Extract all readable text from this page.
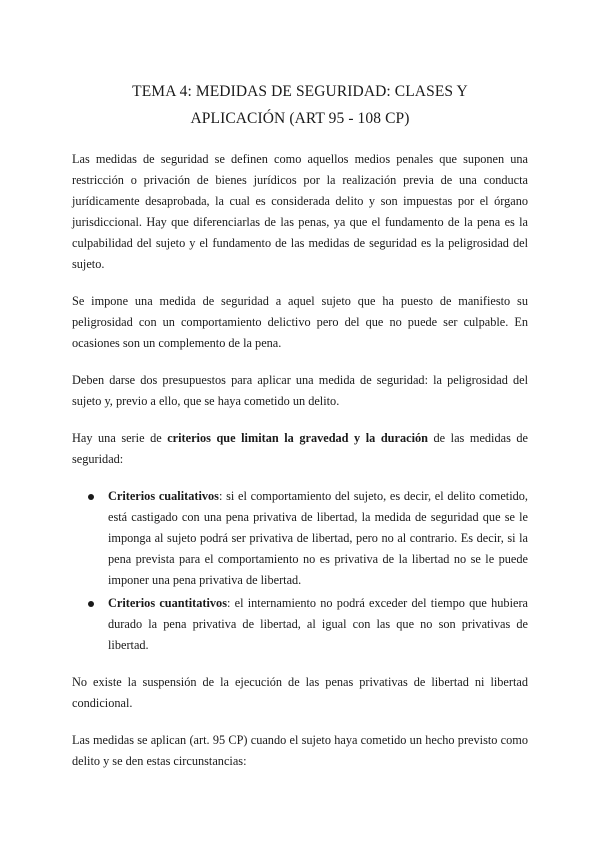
TEMA 4: MEDIDAS DE SEGURIDAD: CLASES Y
APLICACIÓN (ART 95 - 108 CP)

Las medidas de seguridad se definen como aquellos medios penales que suponen una restricción o privación de bienes jurídicos por la realización previa de una conducta jurídicamente desaprobada, la cual es considerada delito y son impuestas por el órgano jurisdiccional. Hay que diferenciarlas de las penas, ya que el fundamento de la pena es la culpabilidad del sujeto y el fundamento de las medidas de seguridad es la peligrosidad del sujeto.

Se impone una medida de seguridad a aquel sujeto que ha puesto de manifiesto su peligrosidad con un comportamiento delictivo pero del que no puede ser culpable. En ocasiones son un complemento de la pena.

Deben darse dos presupuestos para aplicar una medida de seguridad: la peligrosidad del sujeto y, previo a ello, que se haya cometido un delito.

Hay una serie de criterios que limitan la gravedad y la duración de las medidas de seguridad:

Criterios cualitativos: si el comportamiento del sujeto, es decir, el delito cometido, está castigado con una pena privativa de libertad, la medida de seguridad que se le imponga al sujeto podrá ser privativa de libertad, pero no al contrario. Es decir, si la pena prevista para el comportamiento no es privativa de la libertad no se le puede imponer una pena privativa de libertad.
Criterios cuantitativos: el internamiento no podrá exceder del tiempo que hubiera durado la pena privativa de libertad, al igual con las que no son privativas de libertad.

No existe la suspensión de la ejecución de las penas privativas de libertad ni libertad condicional.

Las medidas se aplican (art. 95 CP) cuando el sujeto haya cometido un hecho previsto como delito y se den estas circunstancias:
